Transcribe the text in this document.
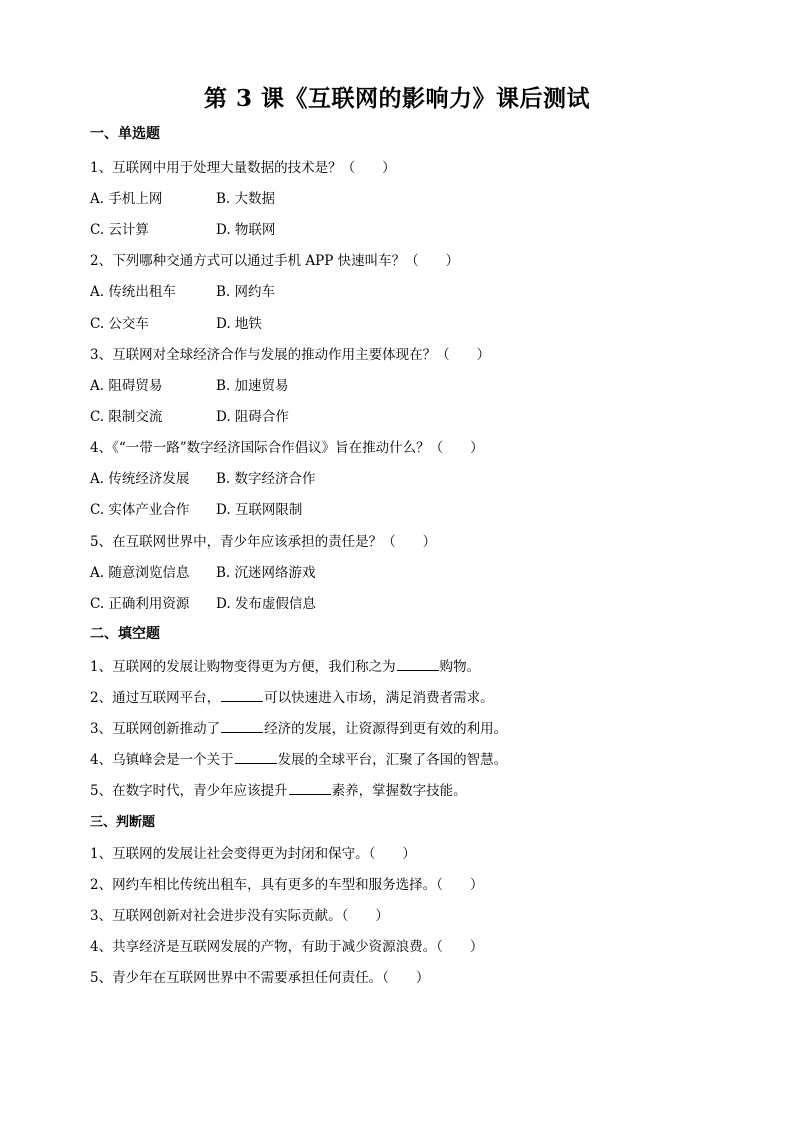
第 3 课《互联网的影响力》课后测试
一、单选题
1、互联网中用于处理大量数据的技术是？（　　）
A. 手机上网	B. 大数据
C. 云计算	D. 物联网
2、下列哪种交通方式可以通过手机 APP 快速叫车？（　　）
A. 传统出租车	B. 网约车
C. 公交车	D. 地铁
3、互联网对全球经济合作与发展的推动作用主要体现在？（　　）
A. 阻碍贸易	B. 加速贸易
C. 限制交流	D. 阻碍合作
4、《“一带一路”数字经济国际合作倡议》旨在推动什么？（　　）
A. 传统经济发展 B. 数字经济合作
C. 实体产业合作 D. 互联网限制
5、在互联网世界中，青少年应该承担的责任是？（　　）
A. 随意浏览信息 B. 沉迷网络游戏
C. 正确利用资源 D. 发布虚假信息
二、填空题
1、互联网的发展让购物变得更为方便，我们称之为	购物。
2、通过互联网平台，	可以快速进入市场，满足消费者需求。
3、互联网创新推动了	经济的发展，让资源得到更有效的利用。
4、乌镇峰会是一个关于	发展的全球平台，汇聚了各国的智慧。
5、在数字时代，青少年应该提升	素养，掌握数字技能。
三、判断题
1、互联网的发展让社会变得更为封闭和保守。（　　）
2、网约车相比传统出租车，具有更多的车型和服务选择。（　　）
3、互联网创新对社会进步没有实际贡献。（　　）
4、共享经济是互联网发展的产物，有助于减少资源浪费。（　　）
5、青少年在互联网世界中不需要承担任何责任。（　　）
